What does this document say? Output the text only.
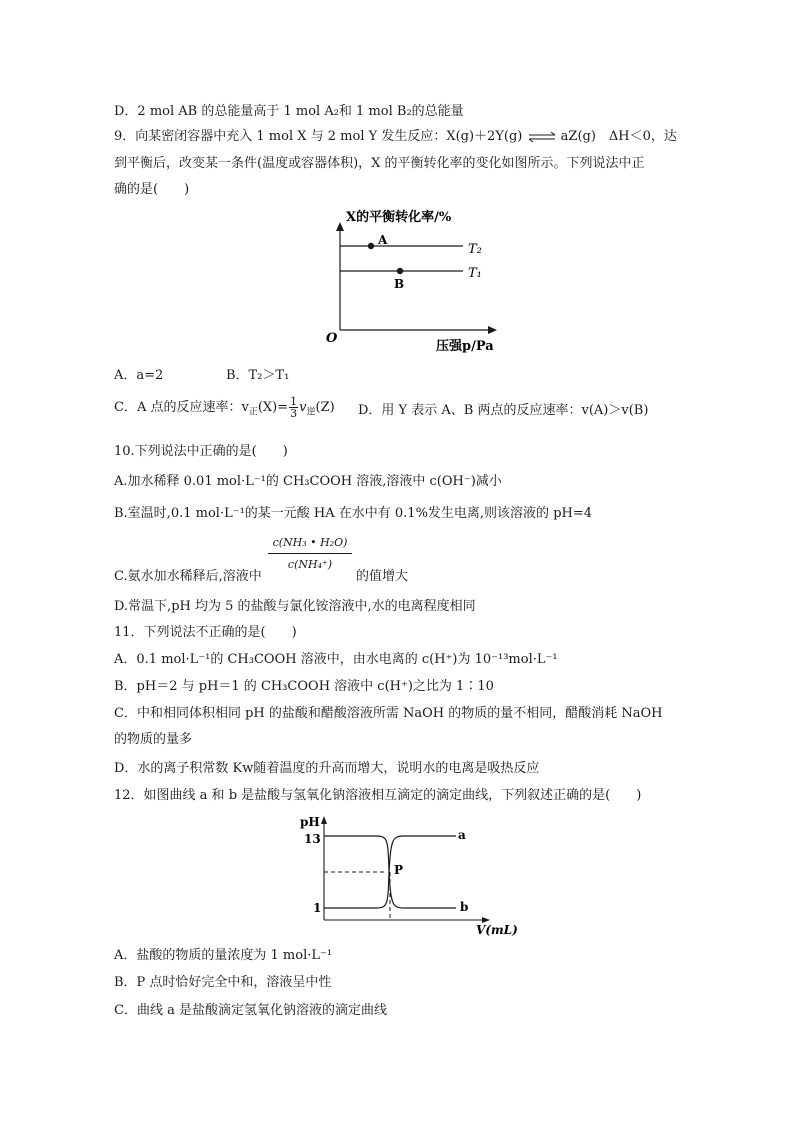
D．2 mol AB 的总能量高于 1 mol A₂和 1 mol B₂的总能量
9．向某密闭容器中充入 1 mol X 与 2 mol Y 发生反应：X(g)＋2Y(g) ⇌ aZ(g)　ΔH＜0，达
到平衡后，改变某一条件(温度或容器体积)，X 的平衡转化率的变化如图所示。下列说法中正
确的是(　　)
X的平衡转化率/%
O
A
T₂
B
T₁
压强p/Pa
A．a=2	B．T₂＞T₁
C．A 点的反应速率：$v_正(X)= \frac{1}{3} v_逆(Z)$ D．用 Y 表示 A、B 两点的反应速率：v(A)＞v(B)
10.下列说法中正确的是(　　)
A.加水稀释 0.01 mol·L⁻¹的 CH₃COOH 溶液,溶液中 c(OH⁻)减小
B.室温时,0.1 mol·L⁻¹的某一元酸 HA 在水中有 0.1%发生电离,则该溶液的 pH=4
$\frac{\text{c(NH₃ • H₂O)}}{\text{c(NH₄⁺)}}$
C.氨水加水稀释后,溶液中	的值增大
D.常温下,pH 均为 5 的盐酸与氯化铵溶液中,水的电离程度相同
11．下列说法不正确的是(　　)
A．0.1 mol·L⁻¹的 CH₃COOH 溶液中，由水电离的 c(H⁺)为 10⁻¹³mol·L⁻¹
B．pH＝2 与 pH＝1 的 CH₃COOH 溶液中 c(H⁺)之比为 1∶10
C．中和相同体积相同 pH 的盐酸和醋酸溶液所需 NaOH 的物质的量不相同，醋酸消耗 NaOH
的物质的量多
D．水的离子积常数 Kw随着温度的升高而增大，说明水的电离是吸热反应
12．如图曲线 a 和 b 是盐酸与氢氧化钠溶液相互滴定的滴定曲线，下列叙述正确的是(　　)
pH
13
1
P
a
b
V(mL)
A．盐酸的物质的量浓度为 1 mol·L⁻¹
B．P 点时恰好完全中和，溶液呈中性
C．曲线 a 是盐酸滴定氢氧化钠溶液的滴定曲线
